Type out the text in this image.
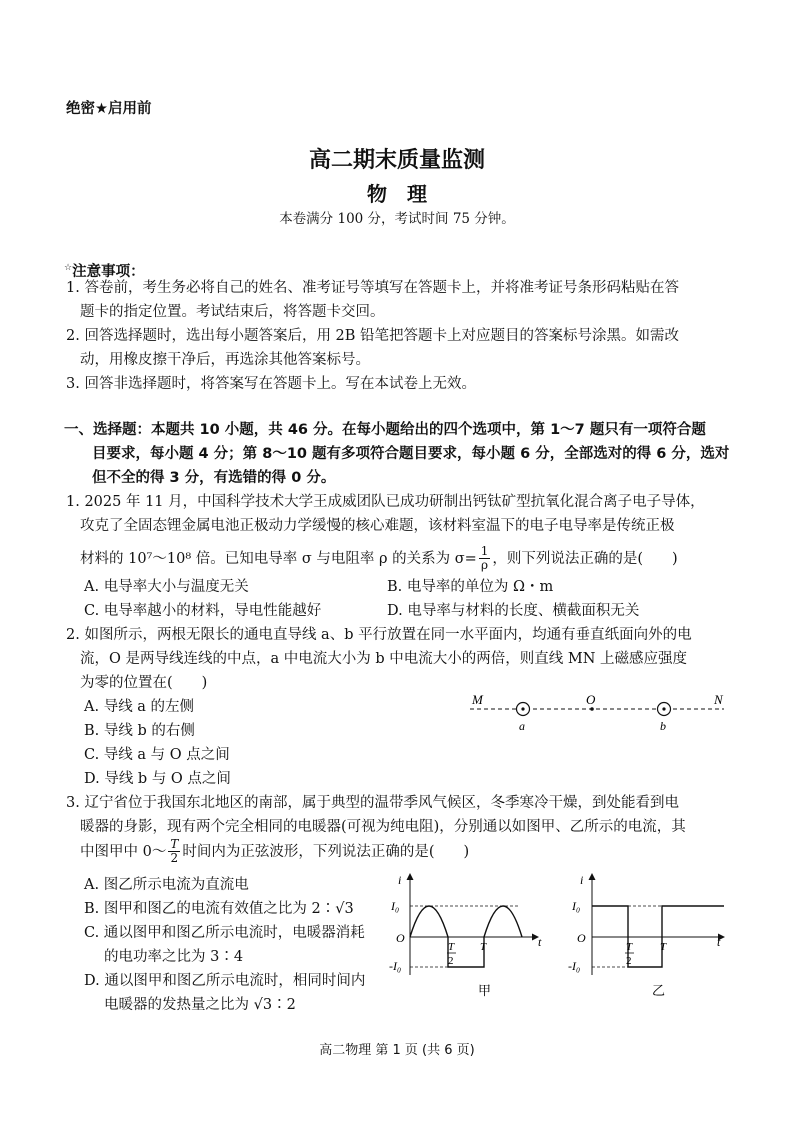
绝密★启用前
高二期末质量监测
物　理
本卷满分 100 分，考试时间 75 分钟。
☆注意事项：
1. 答卷前，考生务必将自己的姓名、准考证号等填写在答题卡上，并将准考证号条形码粘贴在答
题卡的指定位置。考试结束后，将答题卡交回。
2. 回答选择题时，选出每小题答案后，用 2B 铅笔把答题卡上对应题目的答案标号涂黑。如需改
动，用橡皮擦干净后，再选涂其他答案标号。
3. 回答非选择题时，将答案写在答题卡上。写在本试卷上无效。
一、选择题：本题共 10 小题，共 46 分。在每小题给出的四个选项中，第 1～7 题只有一项符合题
目要求，每小题 4 分；第 8～10 题有多项符合题目要求，每小题 6 分，全部选对的得 6 分，选对
但不全的得 3 分，有选错的得 0 分。
1. 2025 年 11 月，中国科学技术大学王成威团队已成功研制出钙钛矿型抗氧化混合离子电子导体，
攻克了全固态锂金属电池正极动力学缓慢的核心难题，该材料室温下的电子电导率是传统正极
材料的 10⁷～10⁸ 倍。已知电导率 σ 与电阻率 ρ 的关系为 $\sigma= \frac{1}{\rho}$ ，则下列说法正确的是(　　)
A. 电导率大小与温度无关	B. 电导率的单位为 Ω・m
C. 电导率越小的材料，导电性能越好	D. 电导率与材料的长度、横截面积无关
2. 如图所示，两根无限长的通电直导线 a、b 平行放置在同一水平面内，均通有垂直纸面向外的电
流，O 是两导线连线的中点，a 中电流大小为 b 中电流大小的两倍，则直线 MN 上磁感应强度
为零的位置在(　　)
A. 导线 a 的左侧
B. 导线 b 的右侧
C. 导线 a 与 O 点之间
D. 导线 b 与 O 点之间
M	N
O
a	b
3. 辽宁省位于我国东北地区的南部，属于典型的温带季风气候区，冬季寒冷干燥，到处能看到电
暖器的身影，现有两个完全相同的电暖器(可视为纯电阻)，分别通以如图甲、乙所示的电流，其
中图甲中 0～ T
2 时间内为正弦波形，下列说法正确的是(　　)
A. 图乙所示电流为直流电
B. 图甲和图乙的电流有效值之比为 2∶√3
C. 通以图甲和图乙所示电流时，电暖器消耗
的电功率之比为 3∶4
D. 通以图甲和图乙所示电流时，相同时间内
电暖器的发热量之比为 √3∶2
i
t
O
I₀
-I₀
T
2
T
甲
i
t
O
I₀
-I₀
T
2
T
乙
高二物理 第 1 页 (共 6 页)
